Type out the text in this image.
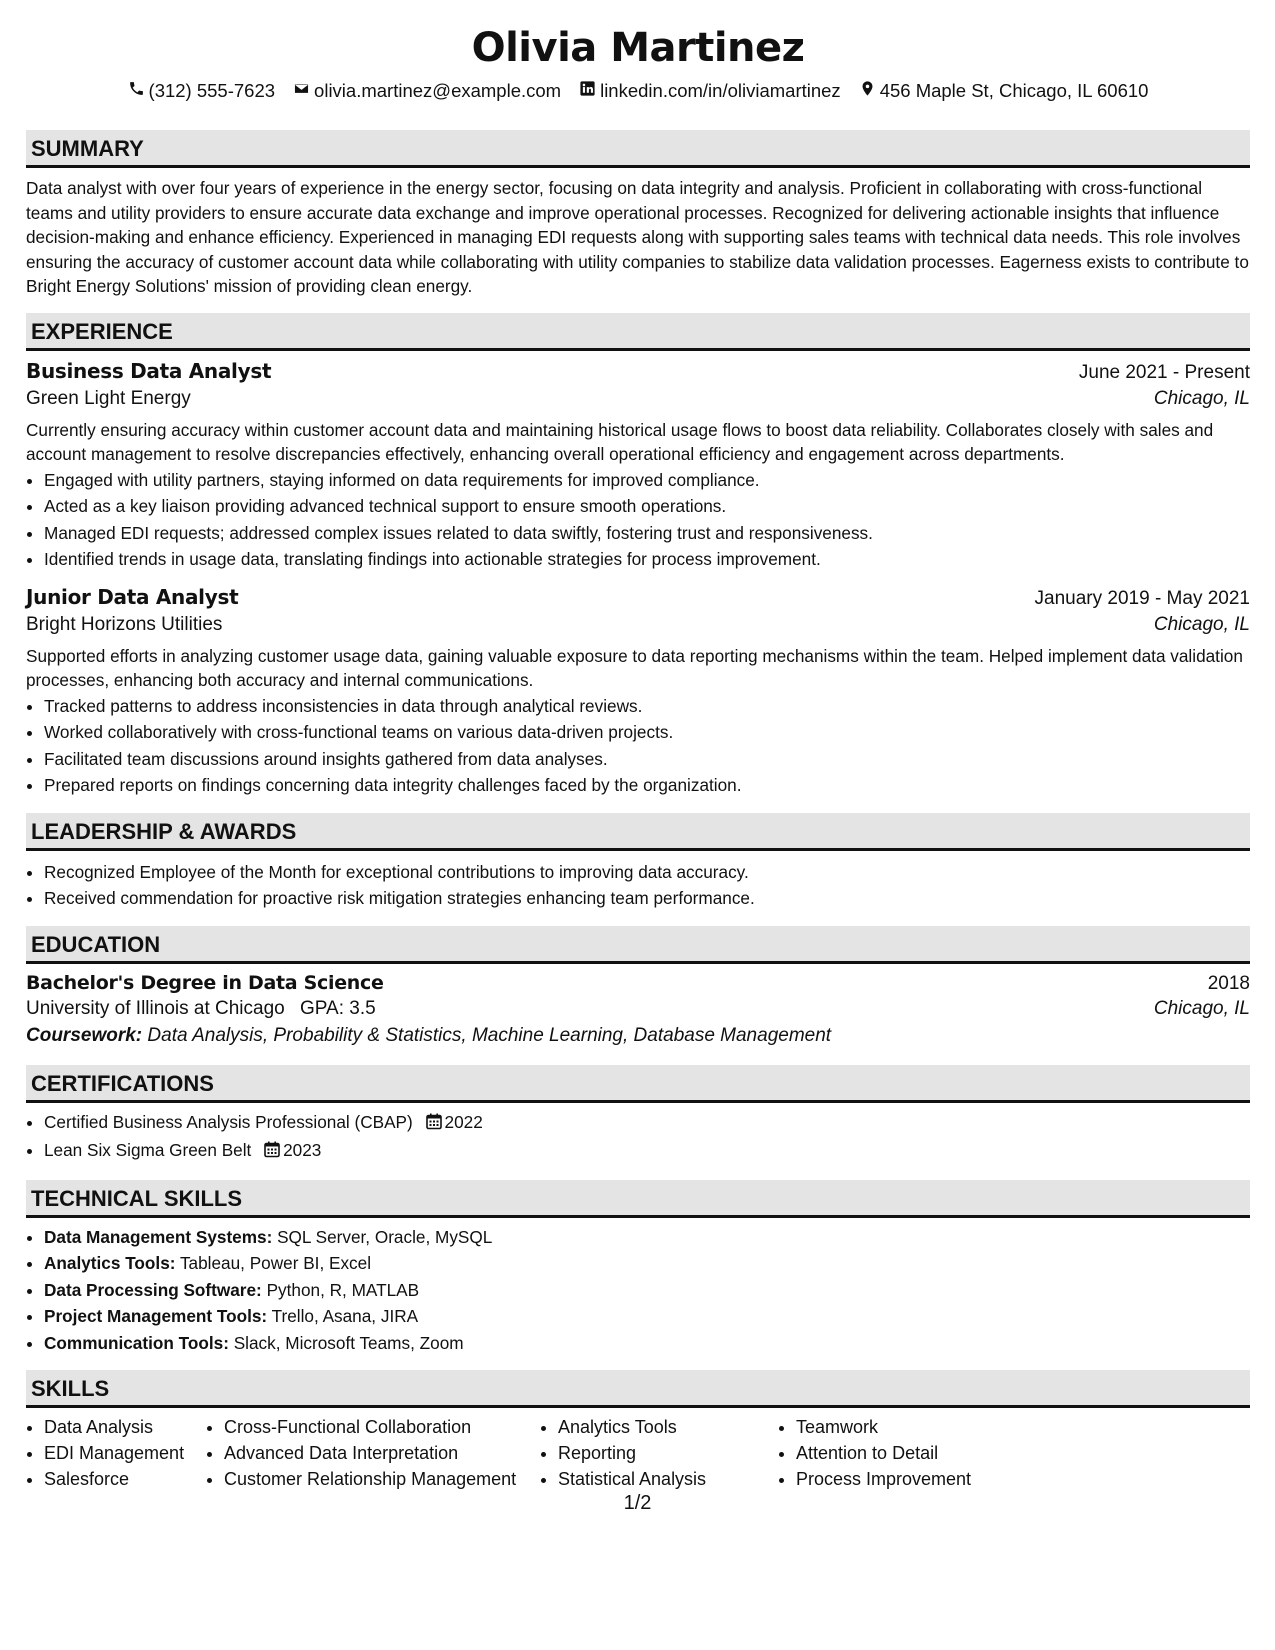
Olivia Martinez
(312) 555-7623 olivia.martinez@example.com linkedin.com/in/oliviamartinez 456 Maple St, Chicago, IL 60610
SUMMARY

Data analyst with over four years of experience in the energy sector, focusing on data integrity and analysis. Proficient in collaborating with cross-functional teams and utility providers to ensure accurate data exchange and improve operational processes. Recognized for delivering actionable insights that influence decision-making and enhance efficiency. Experienced in managing EDI requests along with supporting sales teams with technical data needs. This role involves ensuring the accuracy of customer account data while collaborating with utility companies to stabilize data validation processes. Eagerness exists to contribute to Bright Energy Solutions' mission of providing clean energy.

EXPERIENCE
Business Data Analyst	June 2021 - Present
Green Light Energy	Chicago, IL

Currently ensuring accuracy within customer account data and maintaining historical usage flows to boost data reliability. Collaborates closely with sales and account management to resolve discrepancies effectively, enhancing overall operational efficiency and engagement across departments.

• Engaged with utility partners, staying informed on data requirements for improved compliance.
• Acted as a key liaison providing advanced technical support to ensure smooth operations.
• Managed EDI requests; addressed complex issues related to data swiftly, fostering trust and responsiveness.
• Identified trends in usage data, translating findings into actionable strategies for process improvement.
Junior Data Analyst	January 2019 - May 2021
Bright Horizons Utilities	Chicago, IL

Supported efforts in analyzing customer usage data, gaining valuable exposure to data reporting mechanisms within the team. Helped implement data validation processes, enhancing both accuracy and internal communications.

• Tracked patterns to address inconsistencies in data through analytical reviews.
• Worked collaboratively with cross-functional teams on various data-driven projects.
• Facilitated team discussions around insights gathered from data analyses.
• Prepared reports on findings concerning data integrity challenges faced by the organization.
LEADERSHIP & AWARDS
• Recognized Employee of the Month for exceptional contributions to improving data accuracy.
• Received commendation for proactive risk mitigation strategies enhancing team performance.
EDUCATION
Bachelor's Degree in Data Science	2018
University of Illinois at Chicago GPA: 3.5	Chicago, IL
Coursework: Data Analysis, Probability & Statistics, Machine Learning, Database Management
CERTIFICATIONS
• Certified Business Analysis Professional (CBAP) 2022
• Lean Six Sigma Green Belt 2023
TECHNICAL SKILLS
• Data Management Systems: SQL Server, Oracle, MySQL
• Analytics Tools: Tableau, Power BI, Excel
• Data Processing Software: Python, R, MATLAB
• Project Management Tools: Trello, Asana, JIRA
• Communication Tools: Slack, Microsoft Teams, Zoom
SKILLS
• Data Analysis
• EDI Management
• Salesforce
• Cross-Functional Collaboration
• Advanced Data Interpretation
• Customer Relationship Management
• Analytics Tools
• Reporting
• Statistical Analysis
• Teamwork
• Attention to Detail
• Process Improvement
1/2
